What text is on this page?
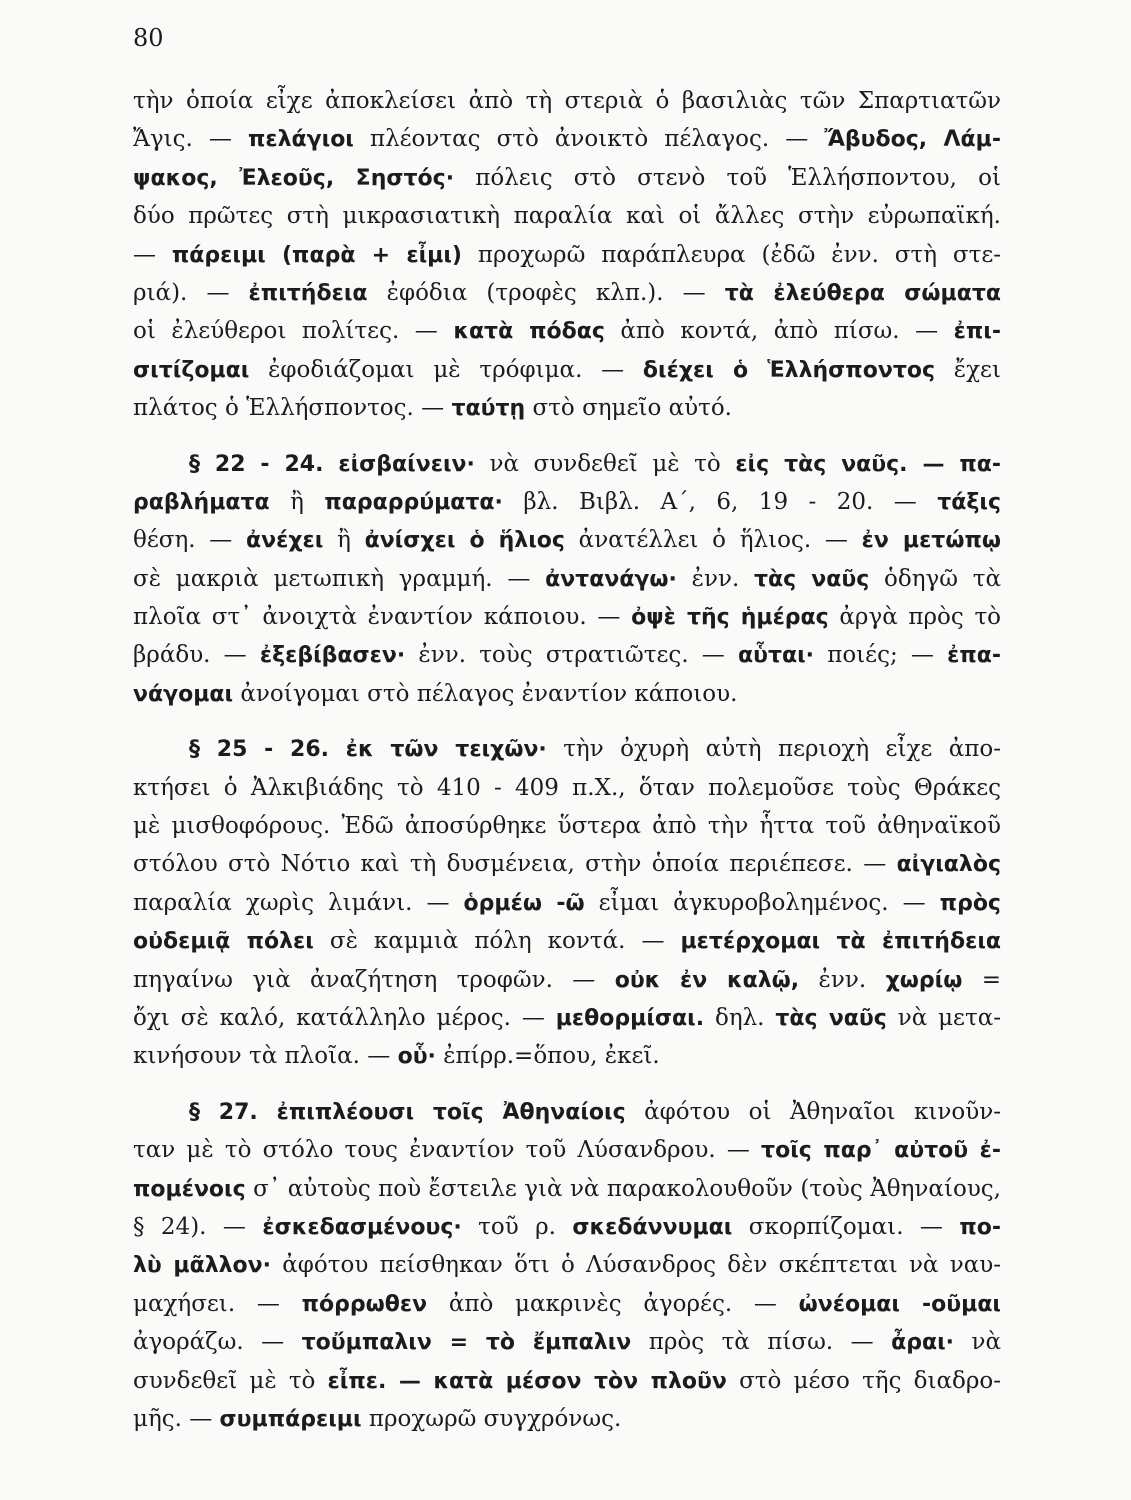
80
τὴν ὁποία εἶχε ἀποκλείσει ἀπὸ τὴ στεριὰ ὁ βασιλιὰς τῶν Σπαρτιατῶν
Ἄγις. — πελάγιοι πλέοντας στὸ ἀνοικτὸ πέλαγος. — Ἄβυδος, Λάμ-
ψακος, Ἐλεοῦς, Σηστός· πόλεις στὸ στενὸ τοῦ Ἑλλήσποντου, οἱ
δύο πρῶτες στὴ μικρασιατικὴ παραλία καὶ οἱ ἄλλες στὴν εὐρωπαϊκή.
— πάρειμι (παρὰ + εἶμι) προχωρῶ παράπλευρα (ἐδῶ ἐνν. στὴ στε-
ριά). — ἐπιτήδεια ἐφόδια (τροφὲς κλπ.). — τὰ ἐλεύθερα σώματα
οἱ ἐλεύθεροι πολίτες. — κατὰ πόδας ἀπὸ κοντά, ἀπὸ πίσω. — ἐπι-
σιτίζομαι ἐφοδιάζομαι μὲ τρόφιμα. — διέχει ὁ Ἑλλήσποντος ἔχει
πλάτος ὁ Ἑλλήσποντος. — ταύτῃ στὸ σημεῖο αὐτό.
§ 22 - 24. εἰσβαίνειν· νὰ συνδεθεῖ μὲ τὸ εἰς τὰς ναῦς. — πα-
ραβλήματα ἢ παραρρύματα· βλ. Βιβλ. Α΄, 6, 19 - 20. — τάξις
θέση. — ἀνέχει ἢ ἀνίσχει ὁ ἥλιος ἀνατέλλει ὁ ἥλιος. — ἐν μετώπῳ
σὲ μακριὰ μετωπικὴ γραμμή. — ἀντανάγω· ἐνν. τὰς ναῦς ὁδηγῶ τὰ
πλοῖα στ᾽ ἀνοιχτὰ ἐναντίον κάποιου. — ὀψὲ τῆς ἡμέρας ἀργὰ πρὸς τὸ
βράδυ. — ἐξεβίβασεν· ἐνν. τοὺς στρατιῶτες. — αὗται· ποιές; — ἐπα-
νάγομαι ἀνοίγομαι στὸ πέλαγος ἐναντίον κάποιου.
§ 25 - 26. ἐκ τῶν τειχῶν· τὴν ὀχυρὴ αὐτὴ περιοχὴ εἶχε ἀπο-
κτήσει ὁ Ἀλκιβιάδης τὸ 410 - 409 π.Χ., ὅταν πολεμοῦσε τοὺς Θράκες
μὲ μισθοφόρους. Ἐδῶ ἀποσύρθηκε ὕστερα ἀπὸ τὴν ἧττα τοῦ ἀθηναϊκοῦ
στόλου στὸ Νότιο καὶ τὴ δυσμένεια, στὴν ὁποία περιέπεσε. — αἰγιαλὸς
παραλία χωρὶς λιμάνι. — ὁρμέω -ῶ εἶμαι ἀγκυροβολημένος. — πρὸς
οὐδεμιᾷ πόλει σὲ καμμιὰ πόλη κοντά. — μετέρχομαι τὰ ἐπιτήδεια
πηγαίνω γιὰ ἀναζήτηση τροφῶν. — οὐκ ἐν καλῷ, ἐνν. χωρίῳ =
ὄχι σὲ καλό, κατάλληλο μέρος. — μεθορμίσαι. δηλ. τὰς ναῦς νὰ μετα-
κινήσουν τὰ πλοῖα. — οὗ· ἐπίρρ.=ὅπου, ἐκεῖ.
§ 27. ἐπιπλέουσι τοῖς Ἀθηναίοις ἀφότου οἱ Ἀθηναῖοι κινοῦν-
ταν μὲ τὸ στόλο τους ἐναντίον τοῦ Λύσανδρου. — τοῖς παρ᾽ αὐτοῦ ἐ-
πομένοις σ᾽ αὐτοὺς ποὺ ἔστειλε γιὰ νὰ παρακολουθοῦν (τοὺς Ἀθηναίους,
§ 24). — ἐσκεδασμένους· τοῦ ρ. σκεδάννυμαι σκορπίζομαι. — πο-
λὺ μᾶλλον· ἀφότου πείσθηκαν ὅτι ὁ Λύσανδρος δὲν σκέπτεται νὰ ναυ-
μαχήσει. — πόρρωθεν ἀπὸ μακρινὲς ἀγορές. — ὠνέομαι -οῦμαι
ἀγοράζω. — τοὔμπαλιν = τὸ ἔμπαλιν πρὸς τὰ πίσω. — ἆραι· νὰ
συνδεθεῖ μὲ τὸ εἶπε. — κατὰ μέσον τὸν πλοῦν στὸ μέσο τῆς διαδρο-
μῆς. — συμπάρειμι προχωρῶ συγχρόνως.
